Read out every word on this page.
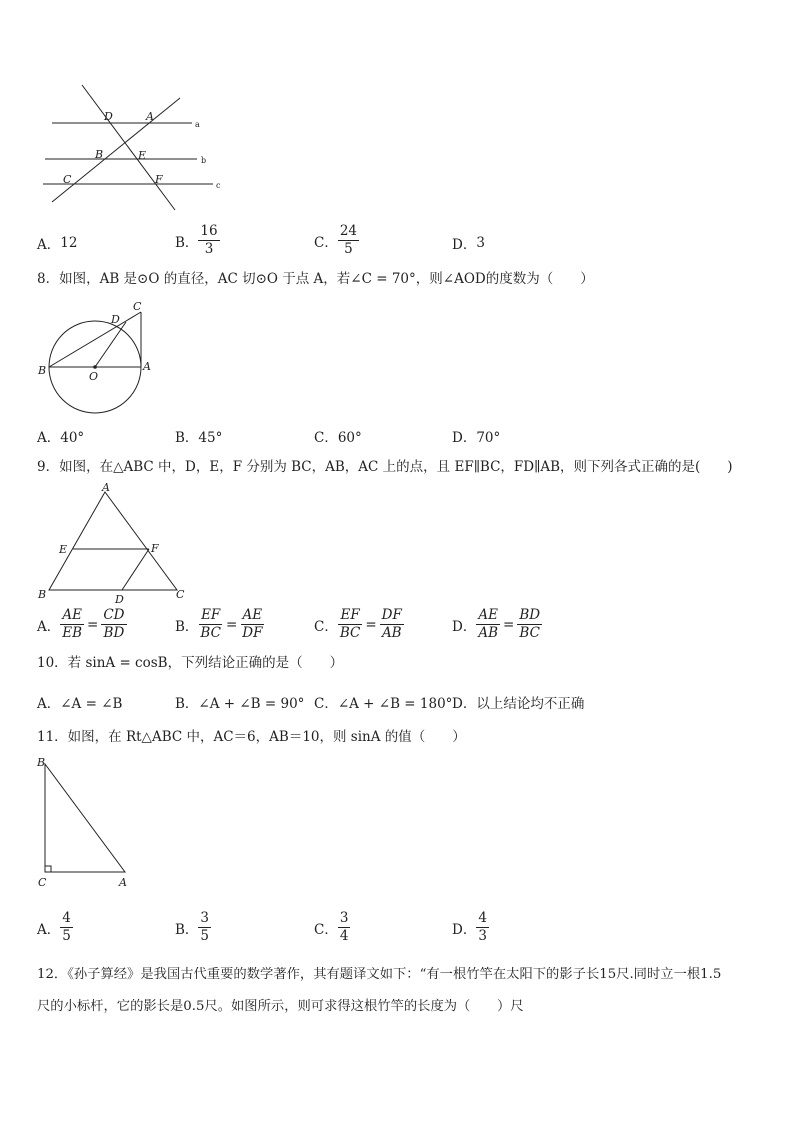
D	A
B	E
C	F
a
b
c
A． 12	B． $\frac{16}{3}$	C． $\frac{24}{5}$	D． 3
8．如图，AB 是⊙O 的直径，AC 切⊙O 于点 A，若∠C = 70°，则∠AOD的度数为（　　）
C
D
B	O
A
A．40°	B．45°	C．60°	D．70°
9．如图，在△ABC 中，D，E，F 分别为 BC，AB，AC 上的点，且 EF∥BC，FD∥AB，则下列各式正确的是(　　)
A
E	F
B	D	C
A． $\frac{AE}{EB} = \frac{CD}{BD}$	B． $\frac{EF}{BC} = \frac{AE}{DF}$	C． $\frac{EF}{BC} = \frac{DF}{AB}$	D． $\frac{AE}{AB} = \frac{BD}{BC}$
10．若 sinA = cosB，下列结论正确的是（　　）
A．∠A = ∠B	B．∠A + ∠B = 90° C．∠A + ∠B = 180° D．以上结论均不正确
11．如图，在 Rt△ABC 中，AC＝6，AB＝10，则 sinA 的值（　　）
B
C	A
A． $\frac{4}{5}$	B． $\frac{3}{5}$	C． $\frac{3}{4}$	D． $\frac{4}{3}$
12．《孙子算经》是我国古代重要的数学著作，其有题译文如下：“有一根竹竿在太阳下的影子长15尺.同时立一根1.5
尺的小标杆，它的影长是0.5尺。如图所示，则可求得这根竹竿的长度为（　　）尺
